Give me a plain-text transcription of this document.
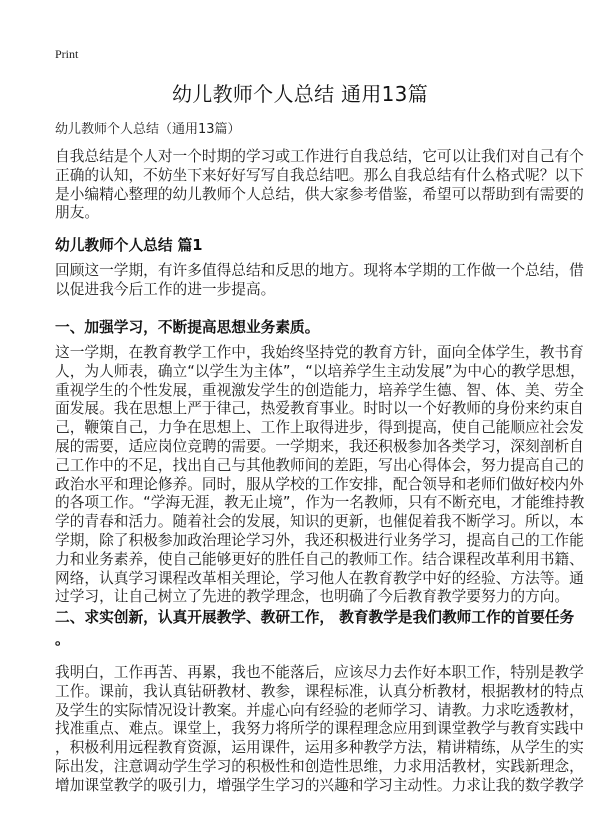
Print
幼儿教师个人总结 通用13篇
幼儿教师个人总结（通用13篇）
自我总结是个人对一个时期的学习或工作进行自我总结，它可以让我们对自己有个
正确的认知，不妨坐下来好好写写自我总结吧。那么自我总结有什么格式呢？以下
是小编精心整理的幼儿教师个人总结，供大家参考借鉴，希望可以帮助到有需要的
朋友。
幼儿教师个人总结 篇1
回顾这一学期，有许多值得总结和反思的地方。现将本学期的工作做一个总结，借
以促进我今后工作的进一步提高。
一、加强学习，不断提高思想业务素质。
这一学期，在教育教学工作中，我始终坚持党的教育方针，面向全体学生，教书育
人，为人师表，确立“以学生为主体”，“以培养学生主动发展”为中心的教学思想，
重视学生的个性发展，重视激发学生的创造能力，培养学生德、智、体、美、劳全
面发展。我在思想上严于律己，热爱教育事业。时时以一个好教师的身份来约束自
己，鞭策自己，力争在思想上、工作上取得进步，得到提高，使自己能顺应社会发
展的需要，适应岗位竞聘的需要。一学期来，我还积极参加各类学习，深刻剖析自
己工作中的不足，找出自己与其他教师间的差距，写出心得体会，努力提高自己的
政治水平和理论修养。同时，服从学校的工作安排，配合领导和老师们做好校内外
的各项工作。“学海无涯，教无止境”，作为一名教师，只有不断充电，才能维持教
学的青春和活力。随着社会的发展，知识的更新，也催促着我不断学习。所以，本
学期，除了积极参加政治理论学习外，我还积极进行业务学习，提高自己的工作能
力和业务素养，使自己能够更好的胜任自己的教师工作。结合课程改革利用书籍、
网络，认真学习课程改革相关理论，学习他人在教育教学中好的经验、方法等。通
过学习，让自己树立了先进的教学理念，也明确了今后教育教学要努力的方向。
二、求实创新，认真开展教学、教研工作， 教育教学是我们教师工作的首要任务
。
我明白，工作再苦、再累，我也不能落后，应该尽力去作好本职工作，特别是教学
工作。课前，我认真钻研教材、教参，课程标准，认真分析教材，根据教材的特点
及学生的实际情况设计教案。并虚心向有经验的老师学习、请教。力求吃透教材，
找准重点、难点。课堂上，我努力将所学的课程理念应用到课堂教学与教育实践中
，积极利用远程教育资源，运用课件，运用多种教学方法，精讲精练，从学生的实
际出发，注意调动学生学习的积极性和创造性思维，力求用活教材，实践新理念，
增加课堂教学的吸引力，增强学生学习的兴趣和学习主动性。力求让我的数学教学
